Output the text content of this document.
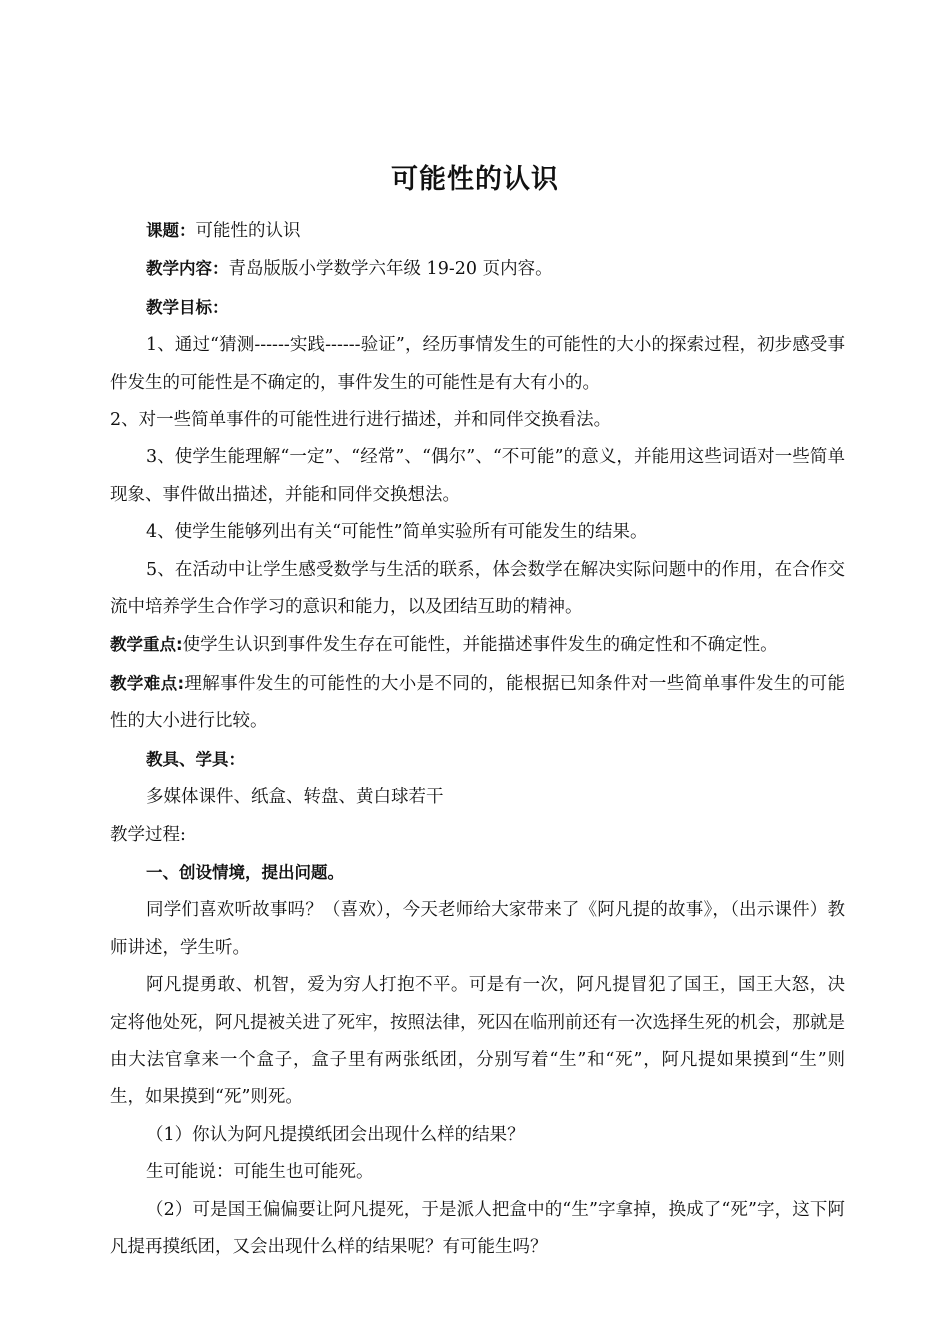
可能性的认识

课题：可能性的认识

教学内容：青岛版版小学数学六年级 19-20 页内容。

教学目标：

1、通过“猜测------实践------验证”，经历事情发生的可能性的大小的探索过程，初步感受事件发生的可能性是不确定的，事件发生的可能性是有大有小的。

2、对一些简单事件的可能性进行进行描述，并和同伴交换看法。

3、使学生能理解“一定”、“经常”、“偶尔”、“不可能”的意义，并能用这些词语对一些简单现象、事件做出描述，并能和同伴交换想法。

4、使学生能够列出有关“可能性”简单实验所有可能发生的结果。

5、在活动中让学生感受数学与生活的联系，体会数学在解决实际问题中的作用，在合作交流中培养学生合作学习的意识和能力，以及团结互助的精神。

教学重点:使学生认识到事件发生存在可能性，并能描述事件发生的确定性和不确定性。

教学难点:理解事件发生的可能性的大小是不同的，能根据已知条件对一些简单事件发生的可能性的大小进行比较。

教具、学具：

多媒体课件、纸盒、转盘、黄白球若干

教学过程:

一、创设情境，提出问题。

同学们喜欢听故事吗？（喜欢），今天老师给大家带来了《阿凡提的故事》，（出示课件）教师讲述，学生听。

阿凡提勇敢、机智，爱为穷人打抱不平。可是有一次，阿凡提冒犯了国王，国王大怒，决定将他处死，阿凡提被关进了死牢，按照法律，死囚在临刑前还有一次选择生死的机会，那就是由大法官拿来一个盒子，盒子里有两张纸团，分别写着“生”和“死”，阿凡提如果摸到“生”则生，如果摸到“死”则死。

（1）你认为阿凡提摸纸团会出现什么样的结果？

生可能说：可能生也可能死。

（2）可是国王偏偏要让阿凡提死，于是派人把盒中的“生”字拿掉，换成了“死”字，这下阿凡提再摸纸团，又会出现什么样的结果呢？有可能生吗？
